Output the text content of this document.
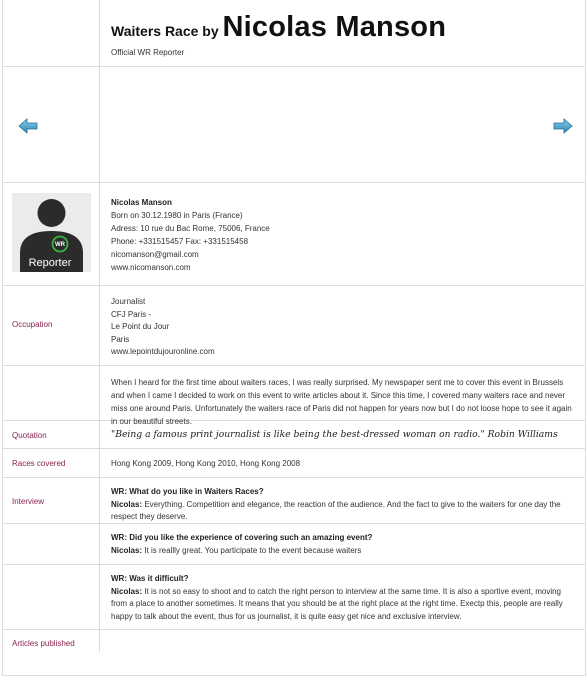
Waiters Race by Nicolas Manson
Official WR Reporter
WR
Reporter
Nicolas Manson
Born on 30.12.1980 in Paris (France)
Adress: 10 rue du Bac Rome, 75006, France
Phone: +331515457 Fax: +331515458
nicomanson@gmail.com
www.nicomanson.com
Occupation
Journalist
CFJ Paris -
Le Point du Jour
Paris
www.lepointdujouronline.com
When I heard for the first time about waiters races, I was really surprised. My newspaper sent me to cover this event in Brussels and when I came I decided to work on this event to write articles about it. Since this time, I covered many waiters race and never miss one around Paris. Unfortunately the waiters race of Paris did not happen for years now but I do not loose hope to see it again in our beautiful streets.
Quotation	"Being a famous print journalist is like being the best-dressed woman on radio." Robin Williams
Races covered	Hong Kong 2009, Hong Kong 2010, Hong Kong 2008
Interview
WR: What do you like in Waiters Races?
Nicolas: Everything. Competition and elegance, the reaction of the audience. And the fact to give to the waiters for one day the respect they deserve.
WR: Did you like the experience of covering such an amazing event?
Nicolas: It is reallly great. You participate to the event because waiters
WR: Was it difficult?
Nicolas: It is not so easy to shoot and to catch the right person to interview at the same time. It is also a sportive event, moving from a place to another sometimes. It means that you should be at the right place at the right time. Exectp this, people are really happy to talk about the event, thus for us journalist, it is quite easy get nice and exclusive interview.
Articles published
